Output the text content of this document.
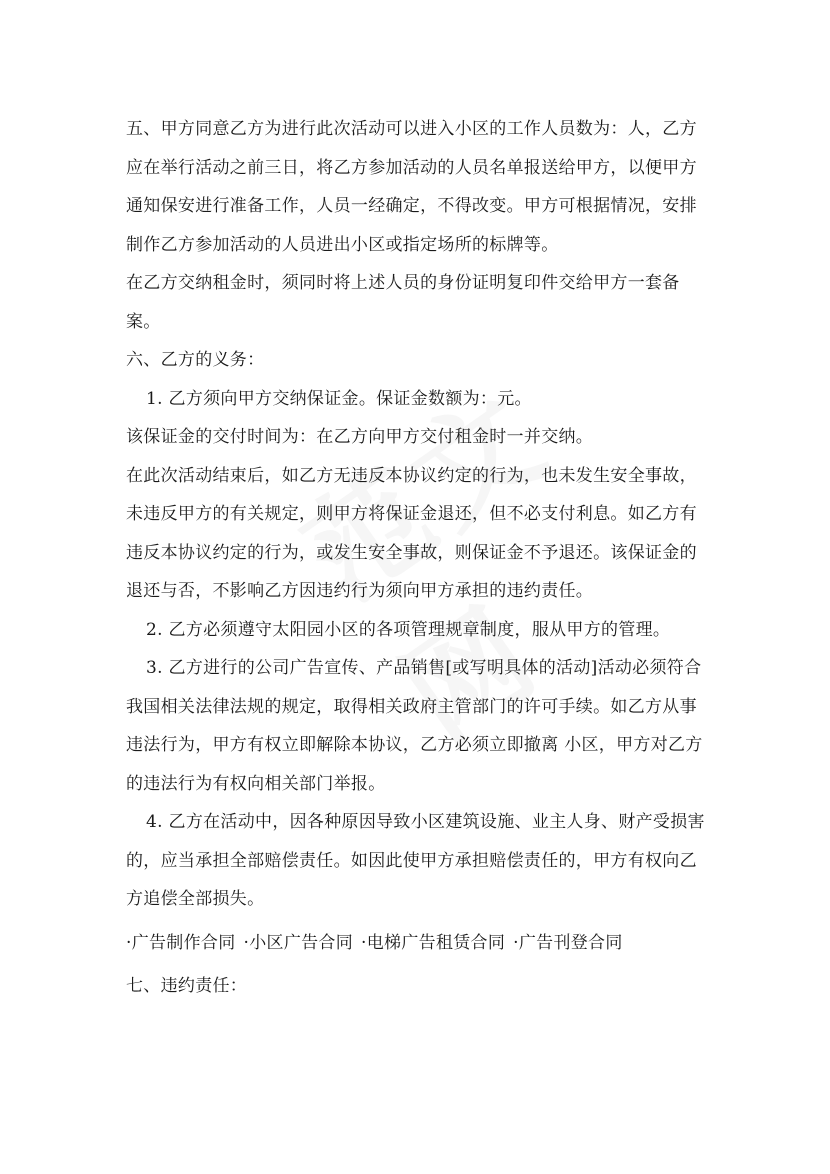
五、甲方同意乙方为进行此次活动可以进入小区的工作人员数为：人，乙方应在举行活动之前三日，将乙方参加活动的人员名单报送给甲方，以便甲方通知保安进行准备工作，人员一经确定，不得改变。甲方可根据情况，安排制作乙方参加活动的人员进出小区或指定场所的标牌等。

在乙方交纳租金时，须同时将上述人员的身份证明复印件交给甲方一套备案。

六、乙方的义务：

1. 乙方须向甲方交纳保证金。保证金数额为：元。

该保证金的交付时间为：在乙方向甲方交付租金时一并交纳。

在此次活动结束后，如乙方无违反本协议约定的行为，也未发生安全事故，未违反甲方的有关规定，则甲方将保证金退还，但不必支付利息。如乙方有违反本协议约定的行为，或发生安全事故，则保证金不予退还。该保证金的退还与否，不影响乙方因违约行为须向甲方承担的违约责任。

2. 乙方必须遵守太阳园小区的各项管理规章制度，服从甲方的管理。

3. 乙方进行的公司广告宣传、产品销售[或写明具体的活动]活动必须符合我国相关法律法规的规定，取得相关政府主管部门的许可手续。如乙方从事违法行为，甲方有权立即解除本协议，乙方必须立即撤离 小区，甲方对乙方的违法行为有权向相关部门举报。

4. 乙方在活动中，因各种原因导致小区建筑设施、业主人身、财产受损害的，应当承担全部赔偿责任。如因此使甲方承担赔偿责任的，甲方有权向乙方追偿全部损失。

·广告制作合同 ·小区广告合同 ·电梯广告租赁合同 ·广告刊登合同

七、违约责任：
